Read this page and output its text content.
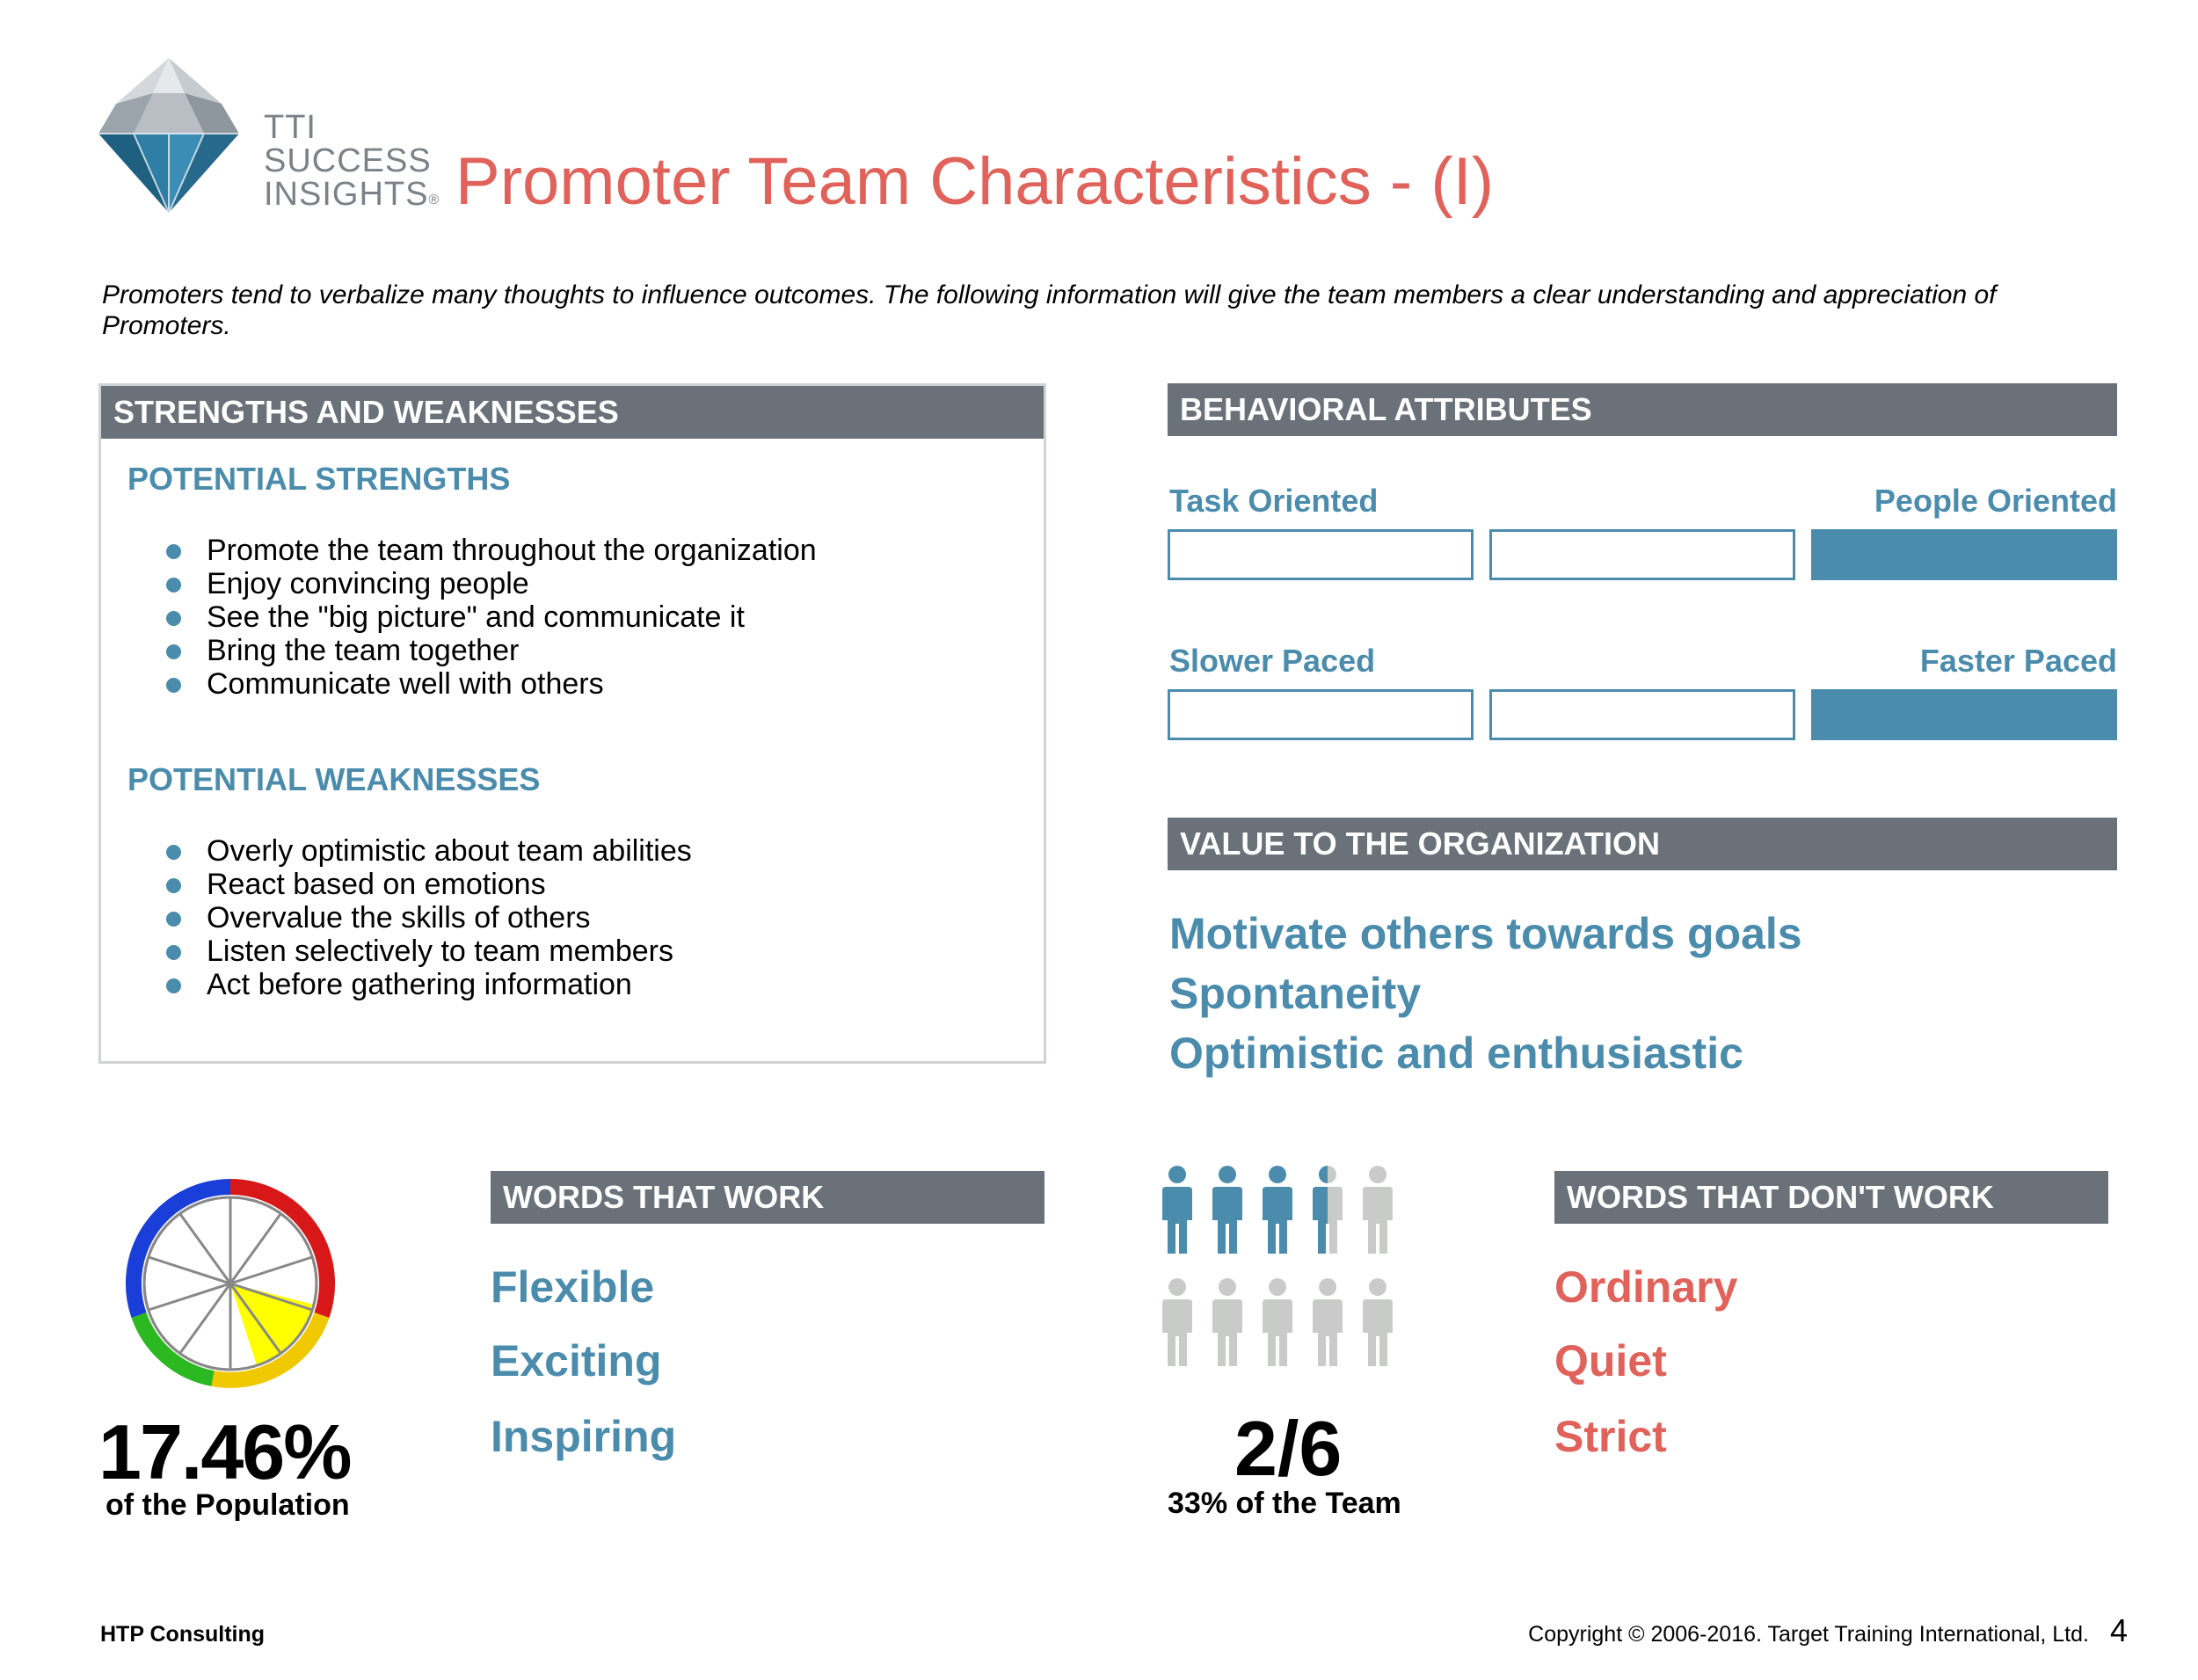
TTI
SUCCESS
INSIGHTS® Promoter Team Characteristics - (I)
Promoters tend to verbalize many thoughts to influence outcomes. The following information will give the team members a clear understanding and appreciation of Promoters.
STRENGTHS AND WEAKNESSES
POTENTIAL STRENGTHS
Promote the team throughout the organization
Enjoy convincing people
See the "big picture" and communicate it
Bring the team together
Communicate well with others
POTENTIAL WEAKNESSES
Overly optimistic about team abilities
React based on emotions
Overvalue the skills of others
Listen selectively to team members
Act before gathering information
BEHAVIORAL ATTRIBUTES
Task Oriented	People Oriented
Slower Paced	Faster Paced
VALUE TO THE ORGANIZATION
Motivate others towards goals
Spontaneity
Optimistic and enthusiastic
17.46%
of the Population
WORDS THAT WORK
Flexible
Exciting
Inspiring	2/6
33% of the Team
WORDS THAT DON'T WORK
Ordinary
Quiet
Strict
HTP Consulting	Copyright © 2006-2016. Target Training International, Ltd. 4
